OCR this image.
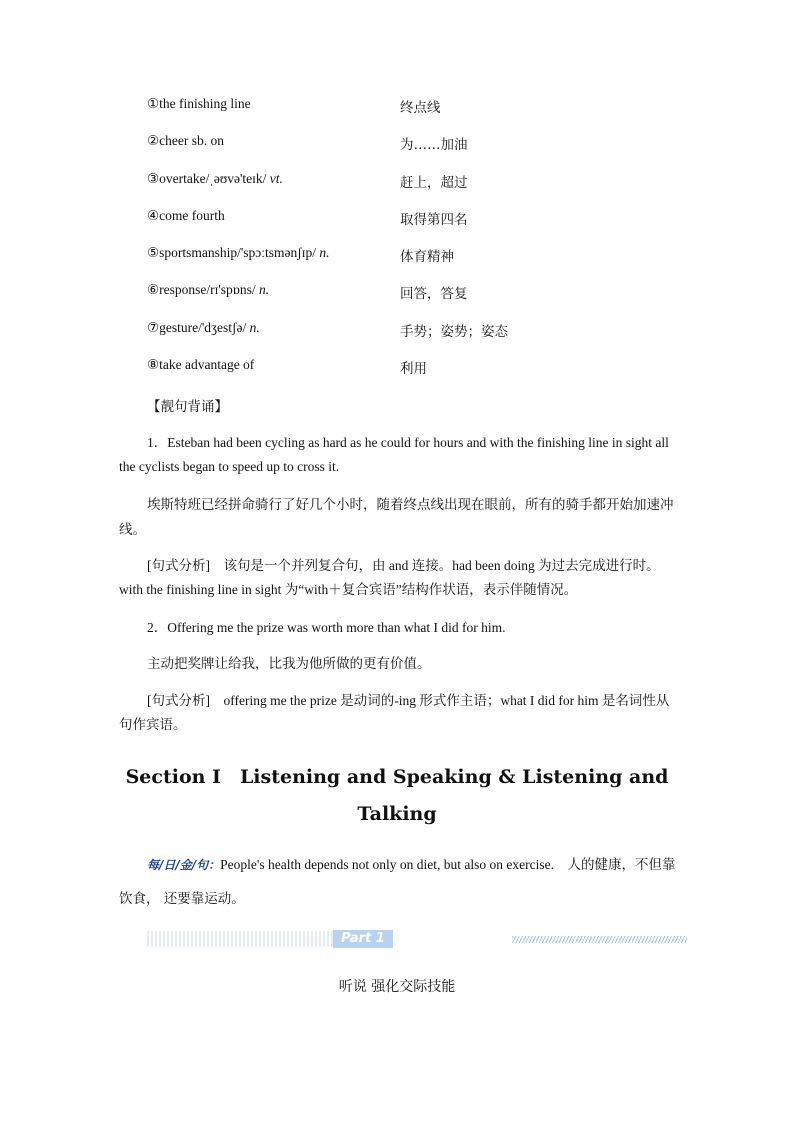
①the finishing line	终点线
②cheer sb. on	为……加油
③overtake/ˌəʊvə'teɪk/ vt.	赶上，超过
④come fourth	取得第四名
⑤sportsmanship/'spɔːtsmənʃɪp/ n.	体育精神
⑥response/rɪ'spɒns/ n.	回答，答复
⑦gesture/'dʒestʃə/ n.	手势；姿势；姿态
⑧take advantage of	利用
【靓句背诵】
1．Esteban had been cycling as hard as he could for hours and with the finishing line in sight all the cyclists began to speed up to cross it.
埃斯特班已经拼命骑行了好几个小时，随着终点线出现在眼前，所有的骑手都开始加速冲线。
[句式分析]　该句是一个并列复合句，由 and 连接。had been doing 为过去完成进行时。with the finishing line in sight 为“with＋复合宾语”结构作状语，表示伴随情况。
2．Offering me the prize was worth more than what I did for him.
主动把奖牌让给我，比我为他所做的更有价值。
[句式分析]　offering me the prize 是动词的-ing 形式作主语；what I did for him 是名词性从句作宾语。
Section Ⅰ　Listening and Speaking & Listening and
Talking
每/日/金/句：People's health depends not only on diet, but also on exercise.　 人的健康，不但靠饮食， 还要靠运动。
Part 1
听说 强化交际技能
